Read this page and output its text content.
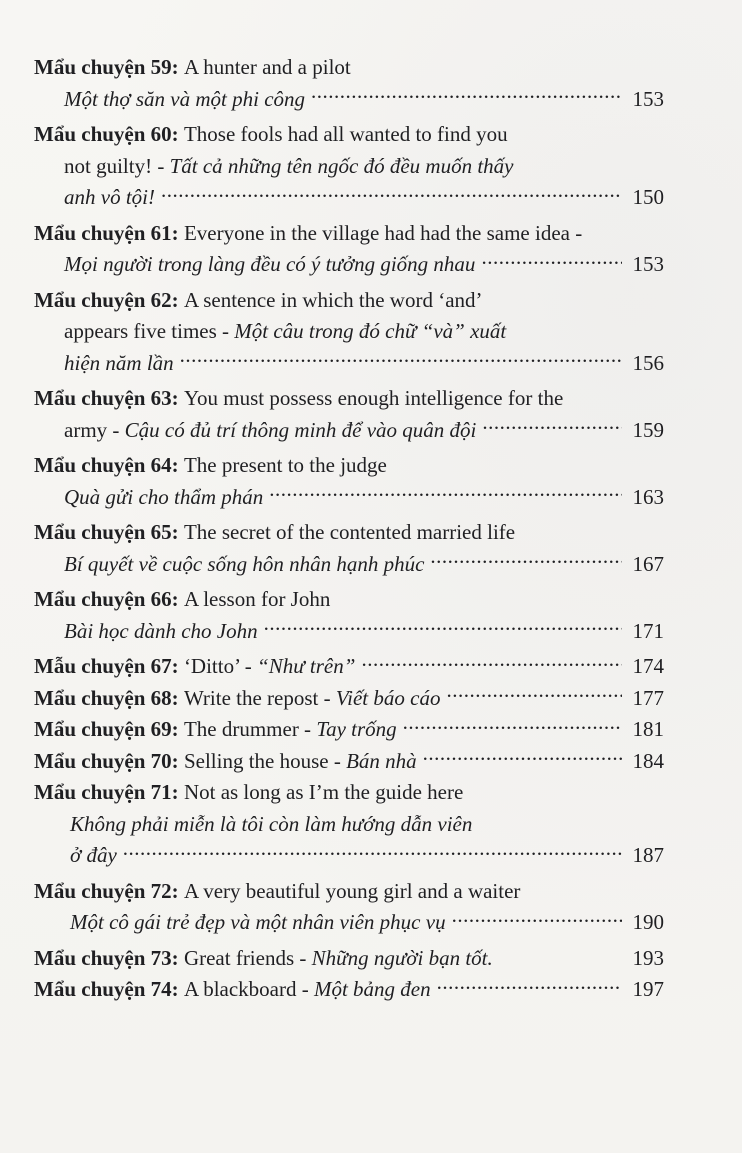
Mẩu chuyện 59:
A hunter and a pilot
Một thợ săn và một phi công .....	153
Mẩu chuyện 60:
Those fools had all wanted to find you
not guilty! -
Tất cả những tên ngốc đó đều muốn thấy
anh vô tội! .....	150
Mẩu chuyện 61:
Everyone in the village had had the same idea -
Mọi người trong làng đều có ý tưởng giống nhau .....	153
Mẩu chuyện 62:
A sentence in which the word ‘and’
appears five times -
Một câu trong đó chữ “và” xuất
hiện năm lần .....	156
Mẩu chuyện 63:
You must possess enough intelligence for the
army -
Cậu có đủ trí thông minh để vào quân đội .....	159
Mẩu chuyện 64:
The present to the judge
Quà gửi cho thẩm phán .....	163
Mẩu chuyện 65:
The secret of the contented married life
Bí quyết về cuộc sống hôn nhân hạnh phúc .....	167
Mẩu chuyện 66:
A lesson for John
Bài học dành cho John .....	171
Mẫu chuyện 67:
‘Ditto’ -
“Như trên” .....	174
Mẩu chuyện 68:
Write the repost -
Viết báo cáo .....	177
Mẩu chuyện 69:
The drummer -
Tay trống .....	181
Mẩu chuyện 70:
Selling the house -
Bán nhà .....	184
Mẩu chuyện 71:
Not as long as I’m the guide here
Không phải miễn là tôi còn làm hướng dẫn viên
ở đây .....	187
Mẩu chuyện 72:
A very beautiful young girl and a waiter
Một cô gái trẻ đẹp và một nhân viên phục vụ .....	190
Mẩu chuyện 73:
Great friends -
Những người bạn tốt.	193
Mẩu chuyện 74:
A blackboard -
Một bảng đen .....	197
